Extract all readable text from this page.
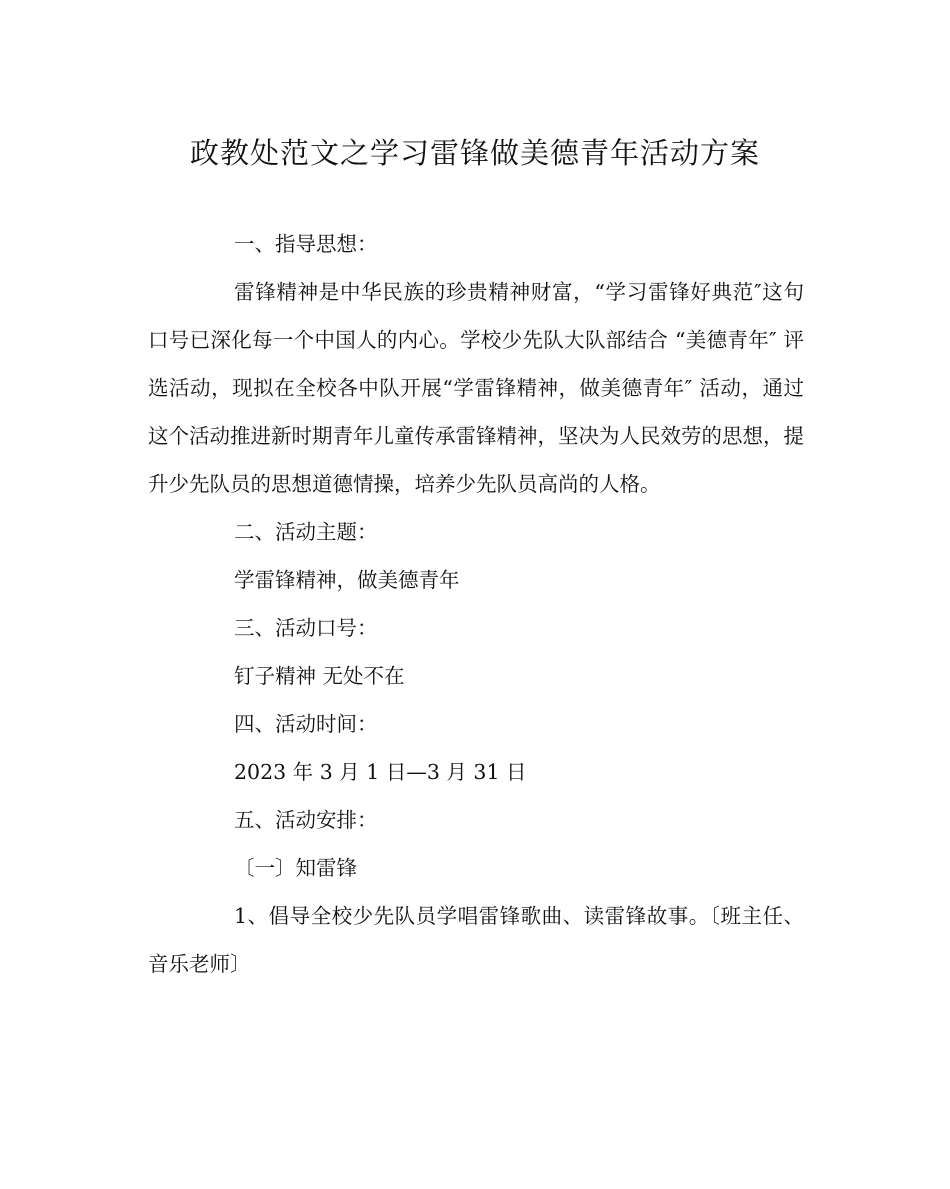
政教处范文之学习雷锋做美德青年活动方案

一、指导思想：

雷锋精神是中华民族的珍贵精神财富，“学习雷锋好典范″这句口号已深化每一个中国人的内心。学校少先队大队部结合 “美德青年″ 评选活动，现拟在全校各中队开展“学雷锋精神，做美德青年″ 活动，通过这个活动推进新时期青年儿童传承雷锋精神，坚决为人民效劳的思想，提升少先队员的思想道德情操，培养少先队员高尚的人格。

二、活动主题：

学雷锋精神，做美德青年

三、活动口号：

钉子精神 无处不在

四、活动时间：

2023 年 3 月 1 日—3 月 31 日

五、活动安排：

〔一〕知雷锋

1、倡导全校少先队员学唱雷锋歌曲、读雷锋故事。〔班主任、音乐老师〕
